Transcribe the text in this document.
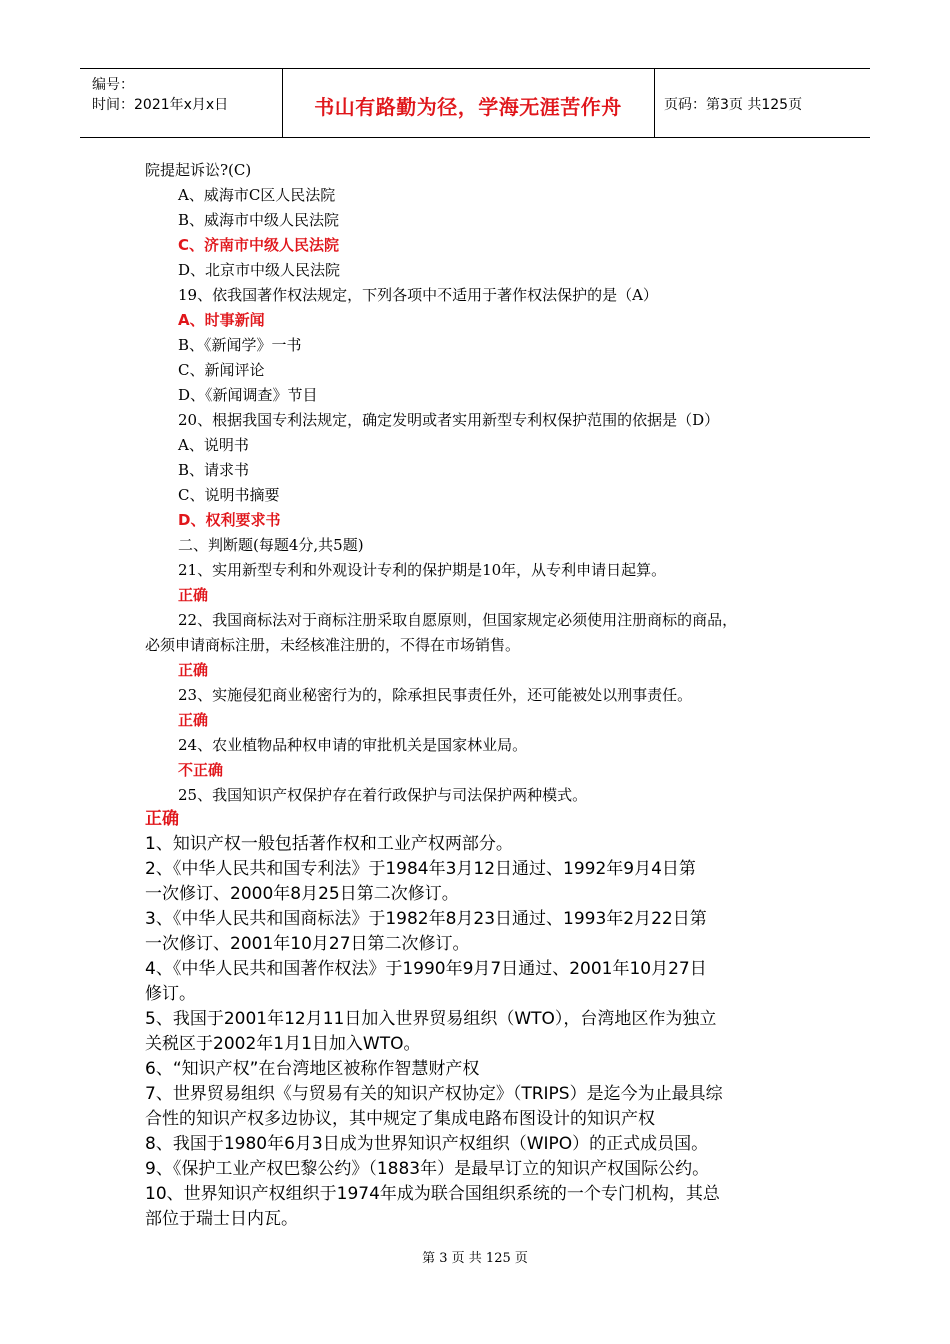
编号：
时间：2021年x月x日	书山有路勤为径，学海无涯苦作舟	页码：第3页 共125页
院提起诉讼?(C)
A、威海市C区人民法院
B、威海市中级人民法院
C、济南市中级人民法院
D、北京市中级人民法院
19、依我国著作权法规定，下列各项中不适用于著作权法保护的是（A）
A、时事新闻
B、《新闻学》一书
C、新闻评论
D、《新闻调查》节目
20、根据我国专利法规定，确定发明或者实用新型专利权保护范围的依据是（D）
A、说明书
B、请求书
C、说明书摘要
D、权利要求书
二、判断题(每题4分,共5题)
21、实用新型专利和外观设计专利的保护期是10年，从专利申请日起算。
正确
22、我国商标法对于商标注册采取自愿原则，但国家规定必须使用注册商标的商品，
必须申请商标注册，未经核准注册的，不得在市场销售。
正确
23、实施侵犯商业秘密行为的，除承担民事责任外，还可能被处以刑事责任。
正确
24、农业植物品种权申请的审批机关是国家林业局。
不正确
25、我国知识产权保护存在着行政保护与司法保护两种模式。
正确
1、知识产权一般包括著作权和工业产权两部分。
2、《中华人民共和国专利法》于1984年3月12日通过、1992年9月4日第
一次修订、2000年8月25日第二次修订。
3、《中华人民共和国商标法》于1982年8月23日通过、1993年2月22日第
一次修订、2001年10月27日第二次修订。
4、《中华人民共和国著作权法》于1990年9月7日通过、2001年10月27日
修订。
5、我国于2001年12月11日加入世界贸易组织（WTO），台湾地区作为独立
关税区于2002年1月1日加入WTO。
6、“知识产权”在台湾地区被称作智慧财产权
7、世界贸易组织《与贸易有关的知识产权协定》（TRIPS）是迄今为止最具综
合性的知识产权多边协议，其中规定了集成电路布图设计的知识产权
8、我国于1980年6月3日成为世界知识产权组织（WIPO）的正式成员国。
9、《保护工业产权巴黎公约》（1883年）是最早订立的知识产权国际公约。
10、世界知识产权组织于1974年成为联合国组织系统的一个专门机构，其总
部位于瑞士日内瓦。
第 3 页 共 125 页
